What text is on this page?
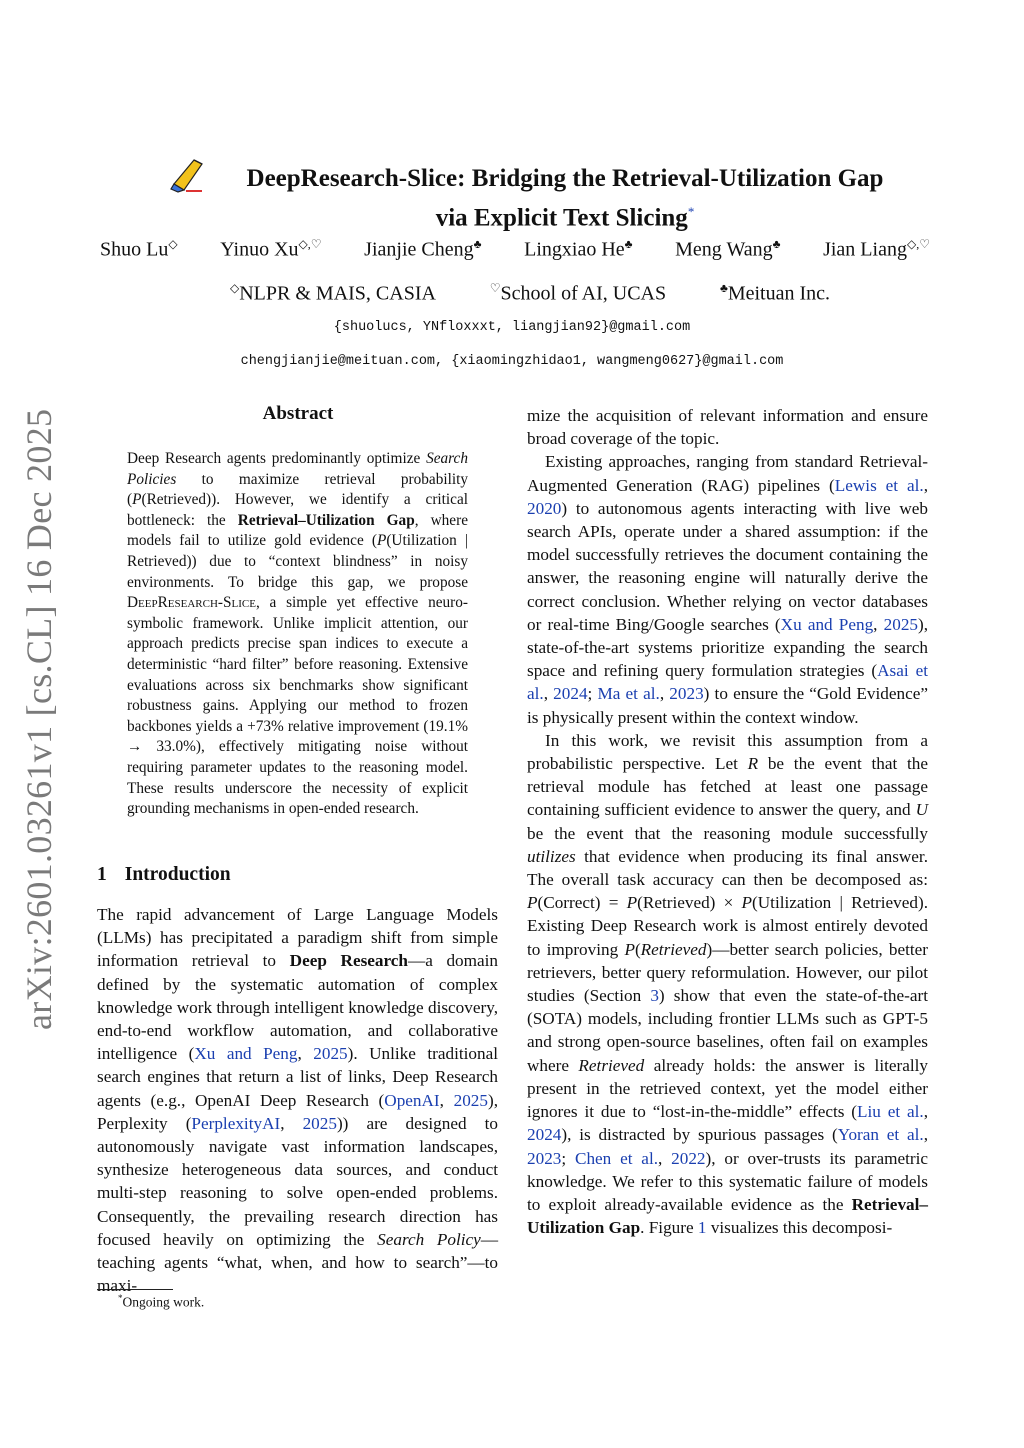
arXiv:2601.03261v1 [cs.CL] 16 Dec 2025
DeepResearch-Slice: Bridging the Retrieval-Utilization Gap
via Explicit Text Slicing*
Shuo Lu◇ Yinuo Xu◇,♡ Jianjie Cheng♣ Lingxiao He♣ Meng Wang♣ Jian Liang◇,♡
◇NLPR & MAIS, CASIA	♡School of AI, UCAS	♣Meituan Inc.
{shuolucs, YNfloxxxt, liangjian92}@gmail.com
chengjianjie@meituan.com, {xiaomingzhidao1, wangmeng0627}@gmail.com
Abstract
Deep Research agents predominantly optimize Search Policies to maximize retrieval probability (P(Retrieved)). However, we identify a critical bottleneck: the Retrieval–Utilization Gap, where models fail to utilize gold evidence (P(Utilization | Retrieved)) due to “context blindness” in noisy environments. To bridge this gap, we propose DeepResearch-Slice, a simple yet effective neuro-symbolic framework. Unlike implicit attention, our approach predicts precise span indices to execute a deterministic “hard filter” before reasoning. Extensive evaluations across six benchmarks show significant robustness gains. Applying our method to frozen backbones yields a +73% relative improvement (19.1% → 33.0%), effectively mitigating noise without requiring parameter updates to the reasoning model. These results underscore the necessity of explicit grounding mechanisms in open-ended research.
1 Introduction

The rapid advancement of Large Language Models (LLMs) has precipitated a paradigm shift from simple information retrieval to Deep Research—a domain defined by the systematic automation of complex knowledge work through intelligent knowledge discovery, end-to-end workflow automation, and collaborative intelligence (Xu and Peng, 2025). Unlike traditional search engines that return a list of links, Deep Research agents (e.g., OpenAI Deep Research (OpenAI, 2025), Perplexity (PerplexityAI, 2025)) are designed to autonomously navigate vast information landscapes, synthesize heterogeneous data sources, and conduct multi-step reasoning to solve open-ended problems. Consequently, the prevailing research direction has focused heavily on optimizing the Search Policy—teaching agents “what, when, and how to search”—to maxi-

mize the acquisition of relevant information and ensure broad coverage of the topic.

Existing approaches, ranging from standard Retrieval-Augmented Generation (RAG) pipelines (Lewis et al., 2020) to autonomous agents interacting with live web search APIs, operate under a shared assumption: if the model successfully retrieves the document containing the answer, the reasoning engine will naturally derive the correct conclusion. Whether relying on vector databases or real-time Bing/Google searches (Xu and Peng, 2025), state-of-the-art systems prioritize expanding the search space and refining query formulation strategies (Asai et al., 2024; Ma et al., 2023) to ensure the “Gold Evidence” is physically present within the context window.

In this work, we revisit this assumption from a probabilistic perspective. Let R be the event that the retrieval module has fetched at least one passage containing sufficient evidence to answer the query, and U be the event that the reasoning module successfully utilizes that evidence when producing its final answer. The overall task accuracy can then be decomposed as: P(Correct) = P(Retrieved) × P(Utilization | Retrieved). Existing Deep Research work is almost entirely devoted to improving P(Retrieved)—better search policies, better retrievers, better query reformulation. However, our pilot studies (Section 3) show that even the state-of-the-art (SOTA) models, including frontier LLMs such as GPT-5 and strong open-source baselines, often fail on examples where Retrieved already holds: the answer is literally present in the retrieved context, yet the model either ignores it due to “lost-in-the-middle” effects (Liu et al., 2024), is distracted by spurious passages (Yoran et al., 2023; Chen et al., 2022), or over-trusts its parametric knowledge. We refer to this systematic failure of models to exploit already-available evidence as the Retrieval–Utilization Gap. Figure 1 visualizes this decomposi-

*Ongoing work.
